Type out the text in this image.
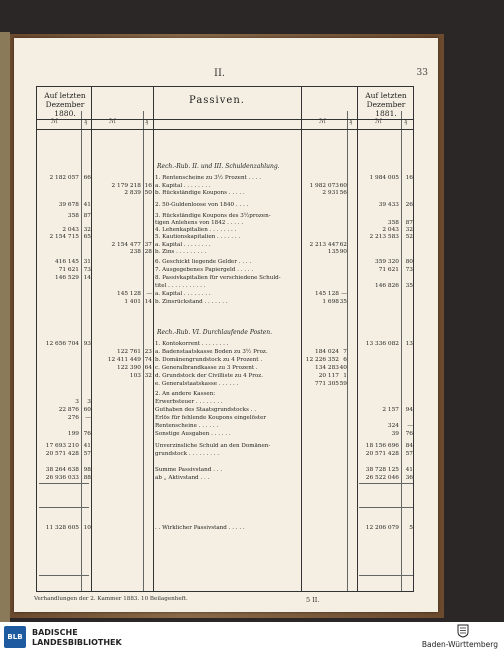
II.	33
Auf letzten Dezember 1880.
Passiven.	Auf letzten Dezember 1881.
ℳ	₰	ℳ	₰	ℳ	₰	ℳ	₰
Rech.-Rub. II. und III. Schuldenzahlung.
Rech.-Rub. VI. Durchlaufende Posten.
2 182 057 66	1. Rentenscheine zu 3½ Prozent . . . .	1 984 005	16
2 179 218 16 a. Kapital . . . . . . . .	1 982 073 60
2 839 50 b. Rückständige Koupons . . . . .	2 931 56
39 678 41	2. 50-Guldenloose von 1840 . . . .	39 433	26
358 87	3. Rückständige Koupons des 3½prozen-
tigen Anlehens von 1842 . . . . .	358	87
2 043 32	4. Lehenkapitalien . . . . . . . .	2 043	32
2 154 715 65	5. Kautionskapitalien . . . . . . .	2 213 583	52
2 154 477 37 a. Kapital . . . . . . . .	2 213 447 62
238 28 b. Zins . . . . . . . . .	135 90
416 145 31	6. Geschickt liegende Gelder . . . .	359 320	80
71 621 73	7. Ausgegebenes Papiergeld . . . . .	71 621	73
146 529 14	8. Passivkapitalien für verschiedene Schuld-
titel . . . . . . . . . . .	146 826	35
145 128 — a. Kapital . . . . . . . .	145 128 —
1 401 14 b. Zinsrückstand . . . . . . .	1 698 35
12 656 704 93	1. Kontokorrent . . . . . . . .	13 336 082	13
122 761 23 a. Badenstaatskasse Boden zu 3½ Proz.	184 024 7
12 411 449 74 b. Domänengrundstock zu 4 Prozent .	12 226 352 6
122 390 64 c. Generalbrandkasse zu 3 Prozent .	134 283 40
103 32 d. Grundstock der Civilliste zu 4 Proz.	20 117 1
e. Generalstaatskasse . . . . . .	771 305 59
2. An andere Kassen:
3	3	Erwerbsteuer . . . . . . . .
22 876 60	Guthaben des Staatsgrundstocks . .	2 157	94
276	—	Erlös für fehlende Koupons eingelöster
Rentenscheine . . . . . .	324	—
199 76	Sonstige Ausgaben . . . . . .	39	76
17 693 210 41	Unverzinsliche Schuld an den Domänen-	18 156 696	84
20 571 428 57	grundstock . . . . . . . . .	20 571 428	57
38 264 638 98	Summe Passivstand . . .	38 728 125	41
26 936 033 88	ab „ Aktivstand . . .	26 522 046	36
11 328 605 10	. . Wirklicher Passivstand . . . . .	12 206 079	5
Verhandlungen der 2. Kammer 1883. 10 Beilagenheft.	5 II.
BLB	BADISCHE
LANDESBIBLIOTHEK	Baden-Württemberg
